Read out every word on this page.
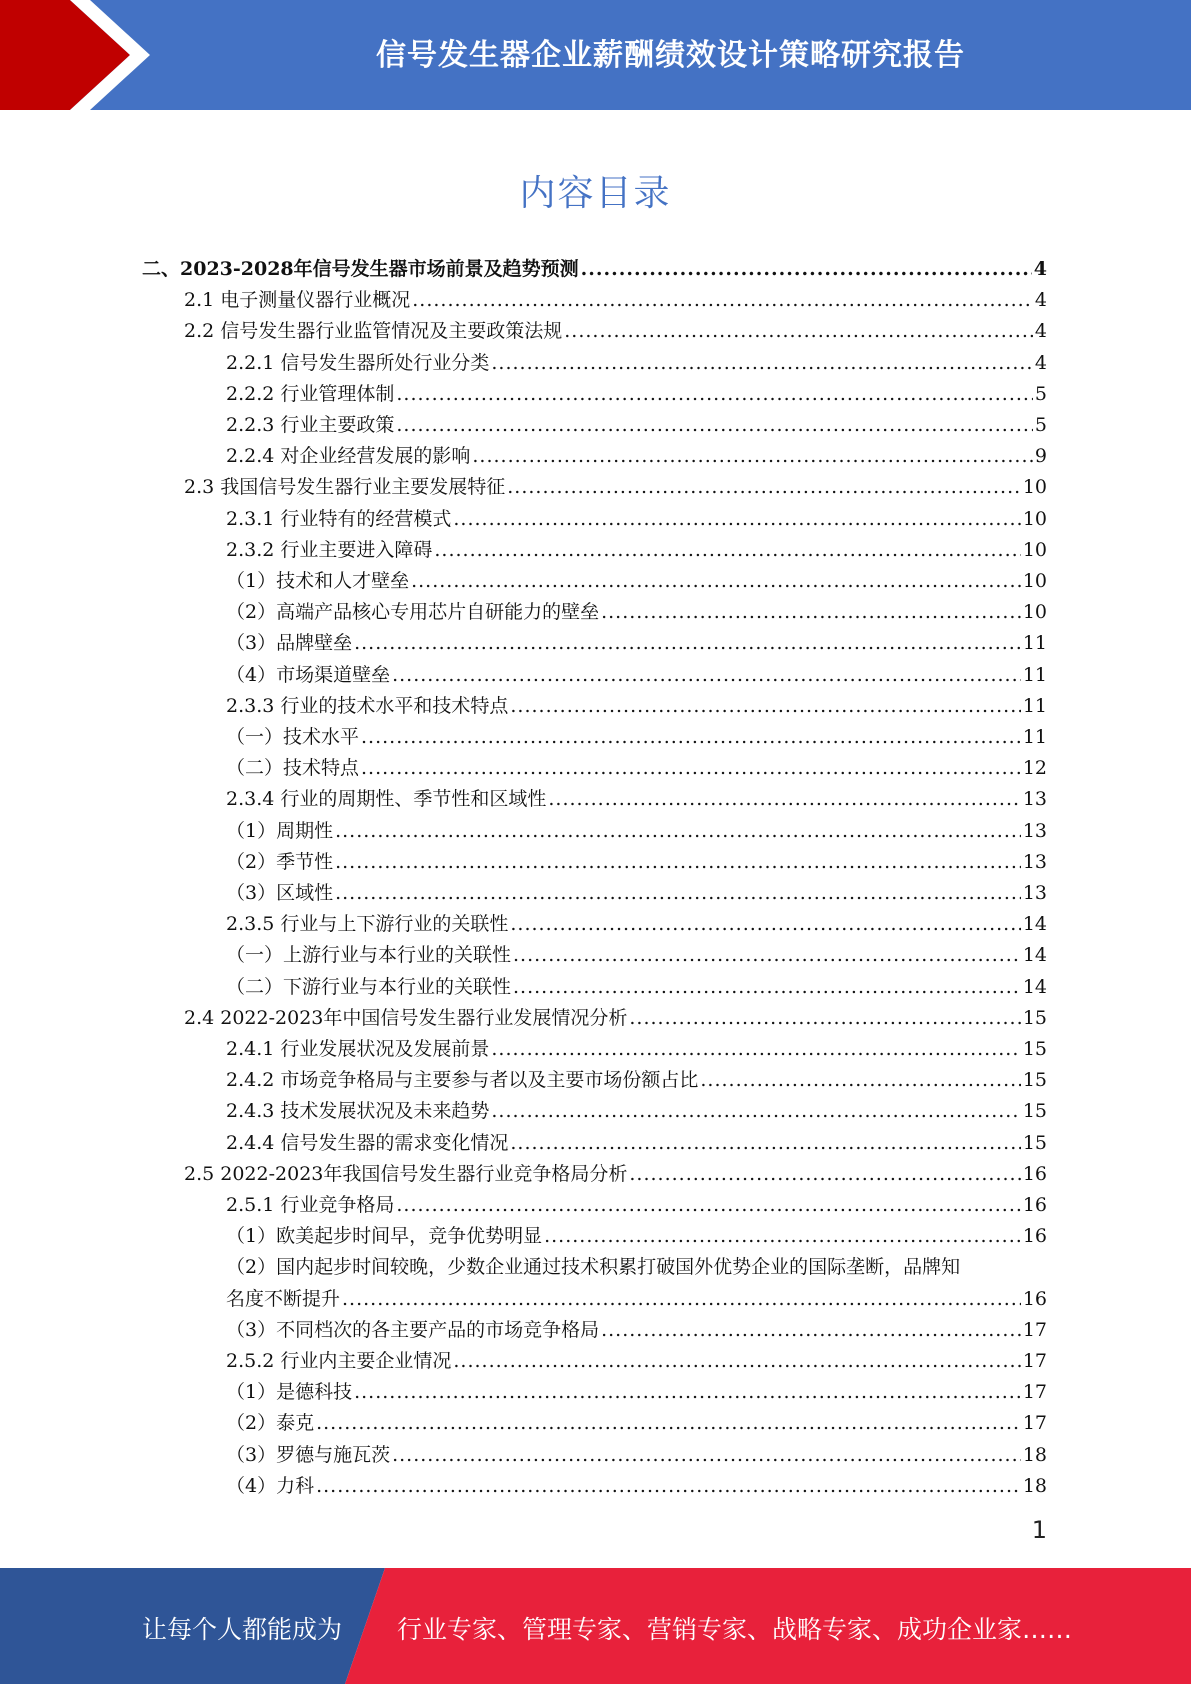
信号发生器企业薪酬绩效设计策略研究报告
内容目录
二、2023-2028年信号发生器市场前景及趋势预测 .....	4
2.1 电子测量仪器行业概况 .....	4
2.2 信号发生器行业监管情况及主要政策法规 .....	4
2.2.1 信号发生器所处行业分类 .....	4
2.2.2 行业管理体制 .....	5
2.2.3 行业主要政策 .....	5
2.2.4 对企业经营发展的影响 .....	9
2.3 我国信号发生器行业主要发展特征 .....	10
2.3.1 行业特有的经营模式 .....	10
2.3.2 行业主要进入障碍 .....	10
（1）技术和人才壁垒 .....	10
（2）高端产品核心专用芯片自研能力的壁垒 .....	10
（3）品牌壁垒 .....	11
（4）市场渠道壁垒 .....	11
2.3.3 行业的技术水平和技术特点 .....	11
（一）技术水平 .....	11
（二）技术特点 .....	12
2.3.4 行业的周期性、季节性和区域性 .....	13
（1）周期性 .....	13
（2）季节性 .....	13
（3）区域性 .....	13
2.3.5 行业与上下游行业的关联性 .....	14
（一）上游行业与本行业的关联性 .....	14
（二）下游行业与本行业的关联性 .....	14
2.4 2022-2023年中国信号发生器行业发展情况分析 .....	15
2.4.1 行业发展状况及发展前景 .....	15
2.4.2 市场竞争格局与主要参与者以及主要市场份额占比 .....	15
2.4.3 技术发展状况及未来趋势 .....	15
2.4.4 信号发生器的需求变化情况 .....	15
2.5 2022-2023年我国信号发生器行业竞争格局分析 .....	16
2.5.1 行业竞争格局 .....	16
（1）欧美起步时间早，竞争优势明显 .....	16
（2）国内起步时间较晚，少数企业通过技术积累打破国外优势企业的国际垄断，品牌知
名度不断提升 .....	16
（3）不同档次的各主要产品的市场竞争格局 .....	17
2.5.2 行业内主要企业情况 .....	17
（1）是德科技 .....	17
（2）泰克 .....	17
（3）罗德与施瓦茨 .....	18
（4）力科 .....	18
1
让每个人都能成为 行业专家、管理专家、营销专家、战略专家、成功企业家……
